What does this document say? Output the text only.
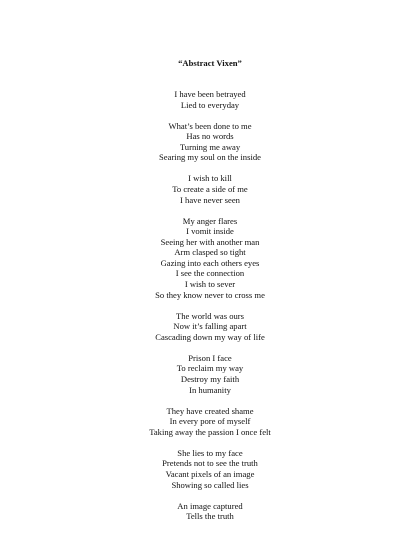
“Abstract Vixen”
I have been betrayed
Lied to everyday
What’s been done to me
Has no words
Turning me away
Searing my soul on the inside
I wish to kill
To create a side of me
I have never seen
My anger flares
I vomit inside
Seeing her with another man
Arm clasped so tight
Gazing into each others eyes
I see the connection
I wish to sever
So they know never to cross me
The world was ours
Now it’s falling apart
Cascading down my way of life
Prison I face
To reclaim my way
Destroy my faith
In humanity
They have created shame
In every pore of myself
Taking away the passion I once felt
She lies to my face
Pretends not to see the truth
Vacant pixels of an image
Showing so called lies
An image captured
Tells the truth
